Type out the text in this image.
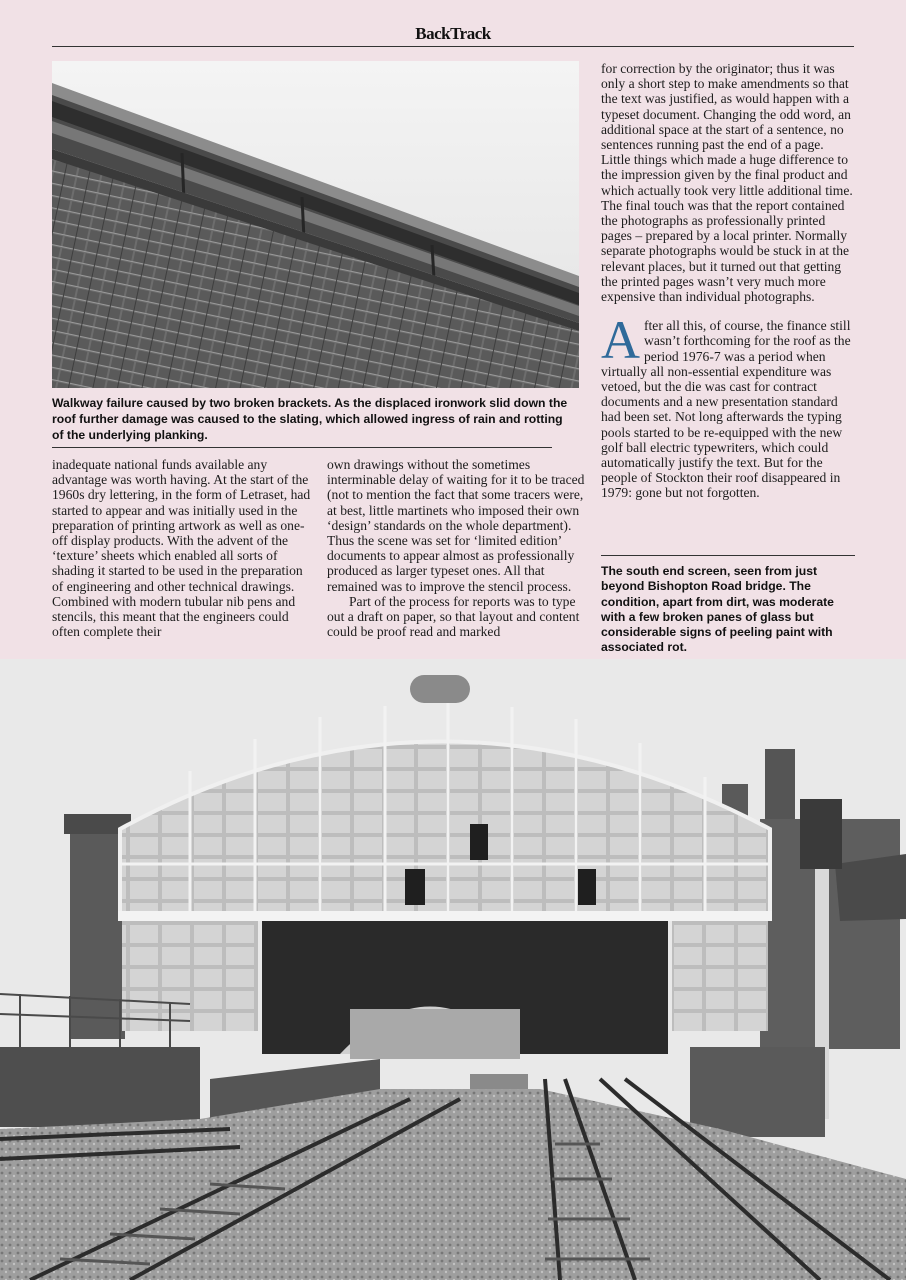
BackTrack
Walkway failure caused by two broken brackets. As the displaced ironwork slid down the roof further damage was caused to the slating, which allowed ingress of rain and rotting of the underlying planking.

inadequate national funds available any advantage was worth having. At the start of the 1960s dry lettering, in the form of Letraset, had started to appear and was initially used in the preparation of printing artwork as well as one-off display products. With the advent of the ‘texture’ sheets which enabled all sorts of shading it started to be used in the preparation of engineering and other technical drawings. Combined with modern tubular nib pens and stencils, this meant that the engineers could often complete their

own drawings without the sometimes interminable delay of waiting for it to be traced (not to mention the fact that some tracers were, at best, little martinets who imposed their own ‘design’ standards on the whole department). Thus the scene was set for ‘limited edition’ documents to appear almost as professionally produced as larger typeset ones. All that remained was to improve the stencil process.

Part of the process for reports was to type out a draft on paper, so that layout and content could be proof read and marked

for correction by the originator; thus it was only a short step to make amendments so that the text was justified, as would happen with a typeset document. Changing the odd word, an additional space at the start of a sentence, no sentences running past the end of a page. Little things which made a huge difference to the impression given by the final product and which actually took very little additional time. The final touch was that the report contained the photographs as professionally printed pages – prepared by a local printer. Normally separate photographs would be stuck in at the relevant places, but it turned out that getting the printed pages wasn’t very much more expensive than individual photographs.

After all this, of course, the finance still wasn’t forthcoming for the roof as the period 1976-7 was a period when virtually all non-essential expenditure was vetoed, but the die was cast for contract documents and a new presentation standard had been set. Not long afterwards the typing pools started to be re-equipped with the new golf ball electric typewriters, which could automatically justify the text. But for the people of Stockton their roof disappeared in 1979: gone but not forgotten.

The south end screen, seen from just beyond Bishopton Road bridge. The condition, apart from dirt, was moderate with a few broken panes of glass but considerable signs of peeling paint with associated rot.
